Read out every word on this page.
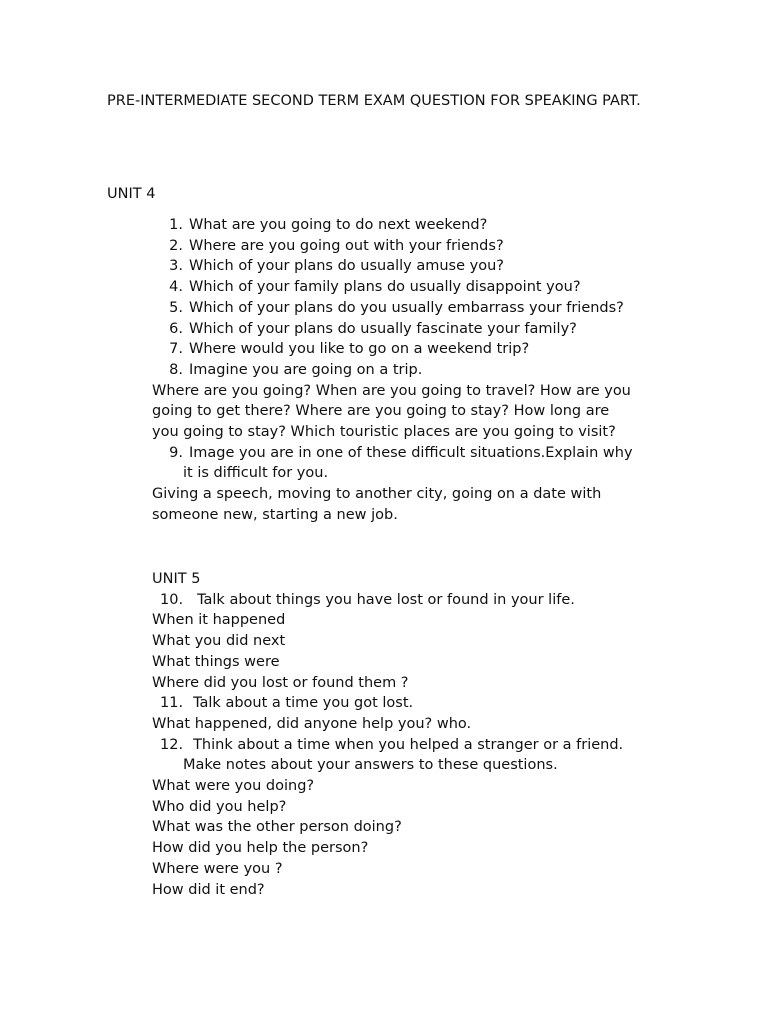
PRE-INTERMEDIATE SECOND TERM EXAM QUESTION FOR SPEAKING PART.
UNIT 4
1. What are you going to do next weekend?
2. Where are you going out with your friends?
3. Which of your plans do usually amuse you?
4. Which of your family plans do usually disappoint you?
5. Which of your plans do you usually embarrass your friends?
6. Which of your plans do usually fascinate your family?
7. Where would you like to go on a weekend trip?
8. Imagine you are going on a trip.
Where are you going? When are you going to travel? How are you
going to get there? Where are you going to stay? How long are
you going to stay? Which touristic places are you going to visit?
9. Image you are in one of these difficult situations.Explain why
it is difficult for you.
Giving a speech, moving to another city, going on a date with
someone new, starting a new job.
UNIT 5
10. Talk about things you have lost or found in your life.
When it happened
What you did next
What things were
Where did you lost or found them ?
11. Talk about a time you got lost.
What happened, did anyone help you? who.
12. Think about a time when you helped a stranger or a friend.
Make notes about your answers to these questions.
What were you doing?
Who did you help?
What was the other person doing?
How did you help the person?
Where were you ?
How did it end?
